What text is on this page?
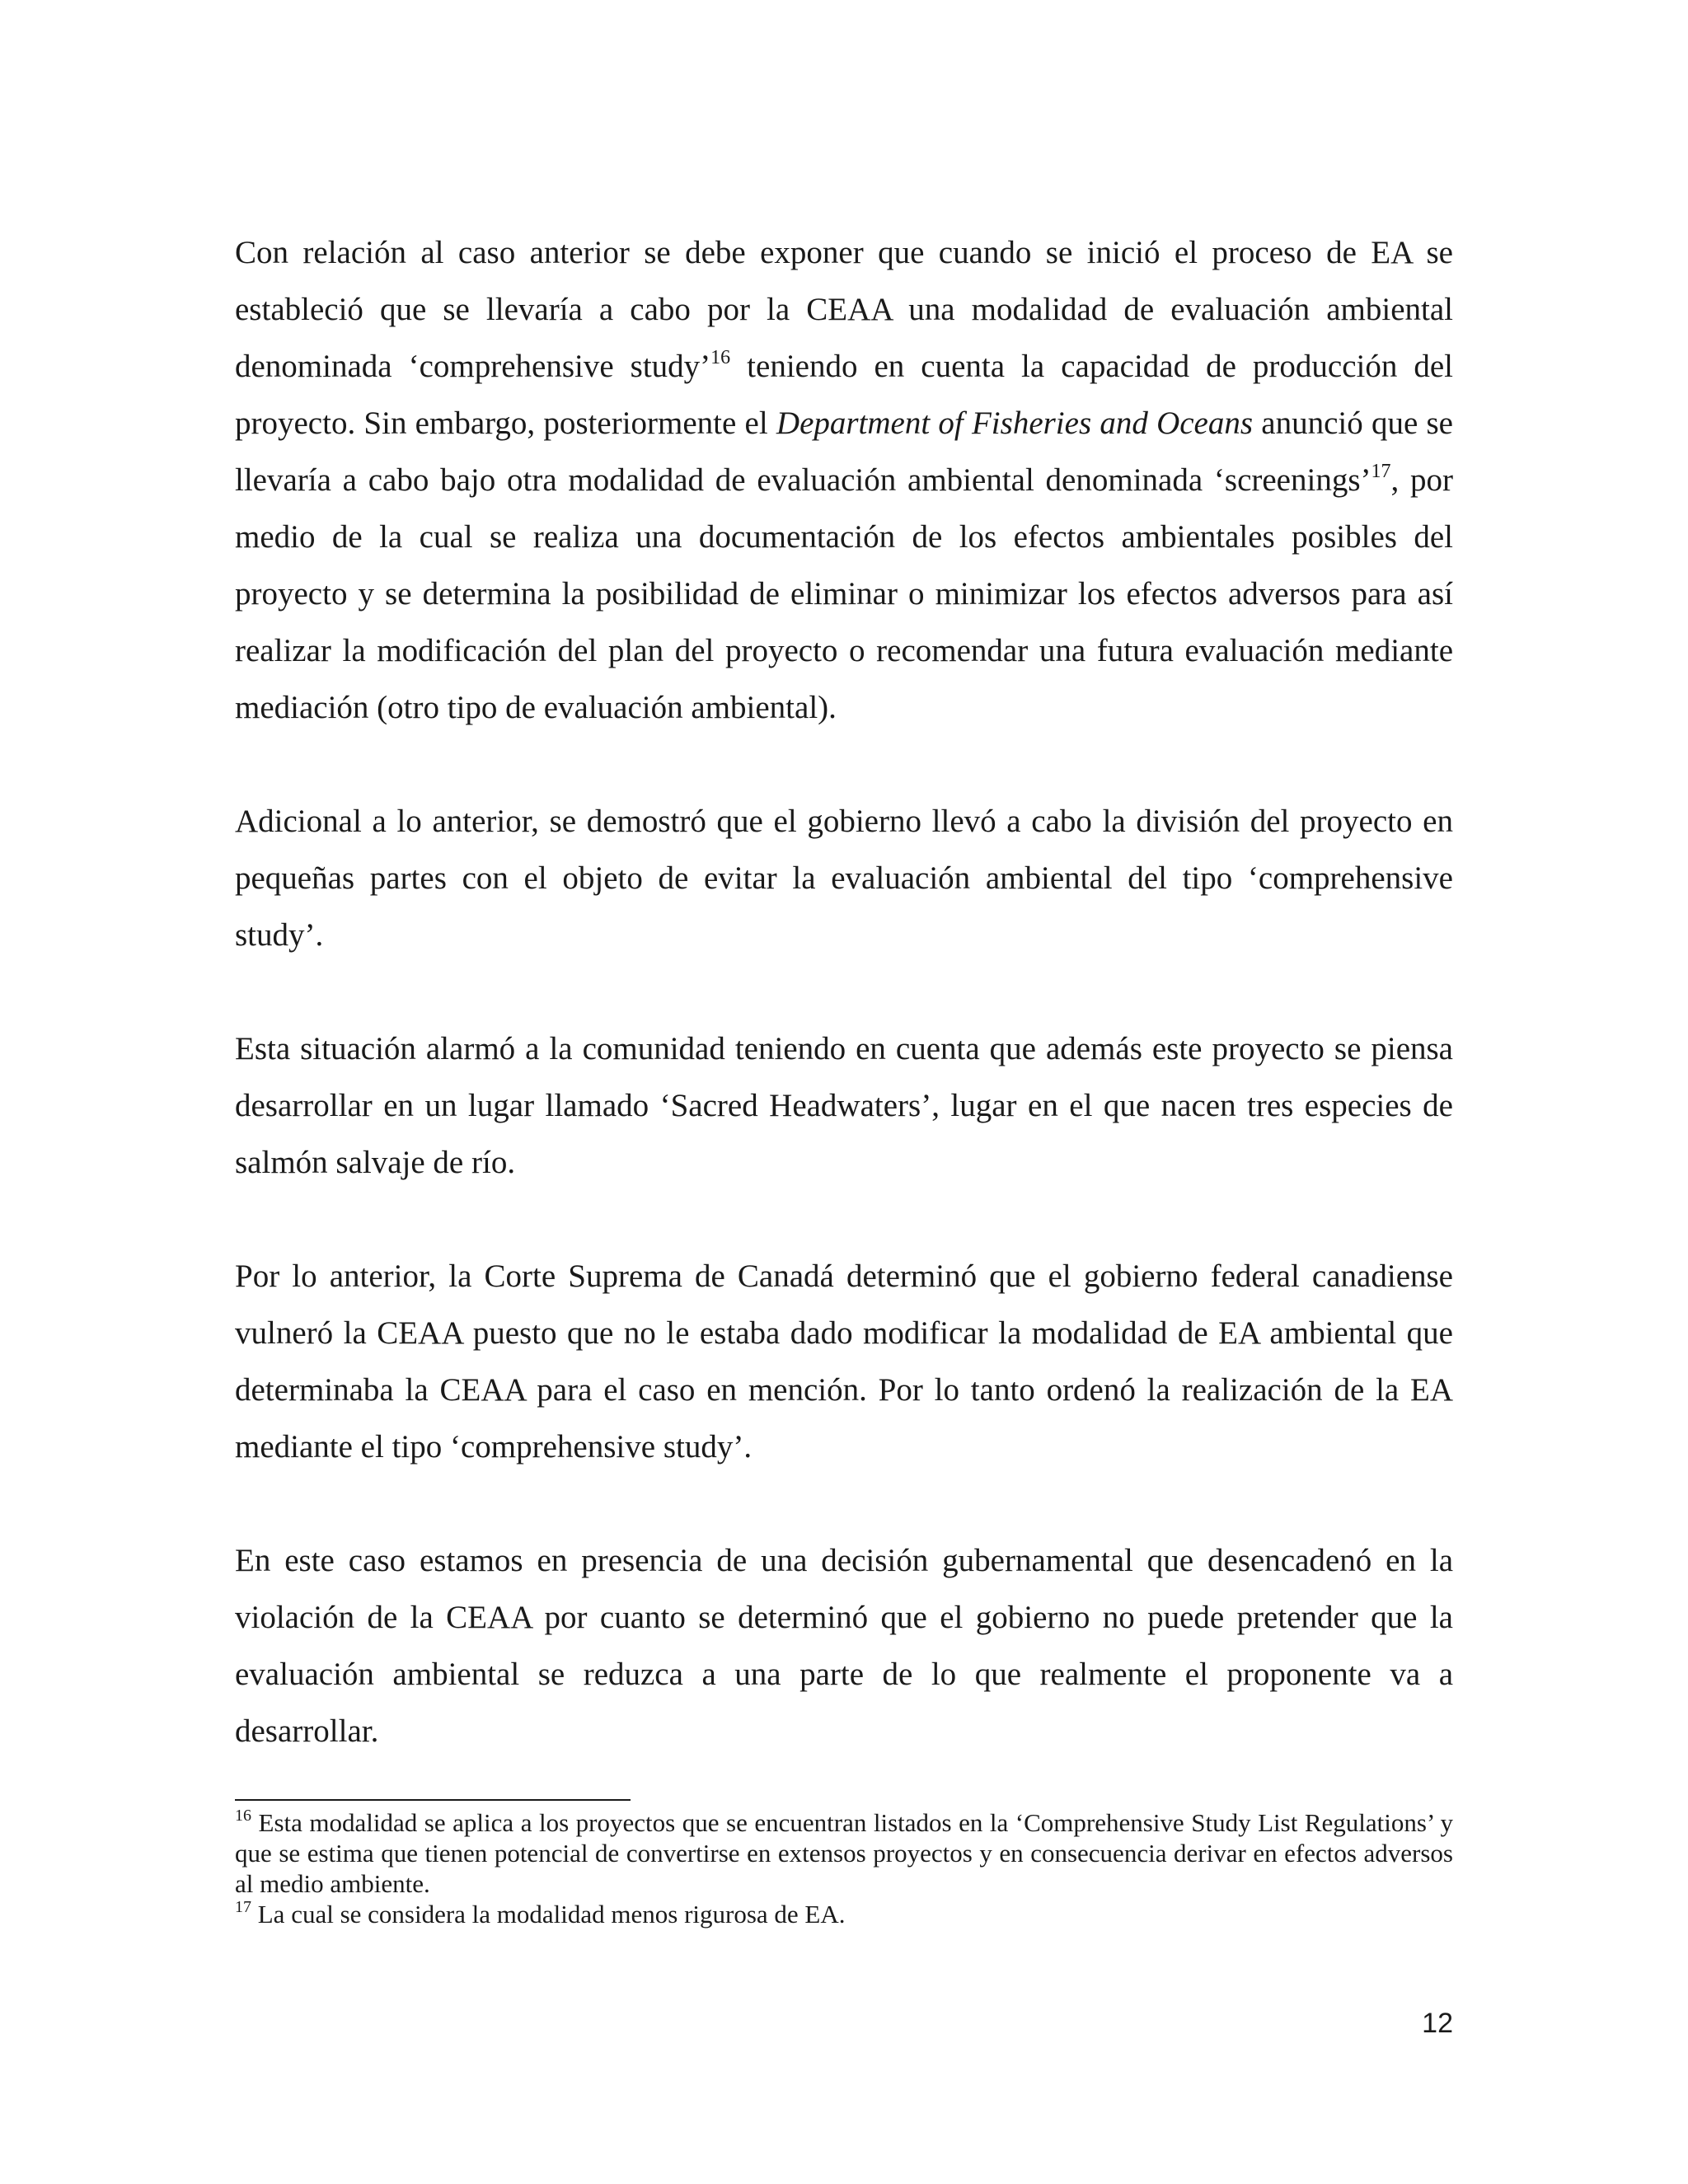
Con relación al caso anterior se debe exponer que cuando se inició el proceso de EA se estableció que se llevaría a cabo por la CEAA una modalidad de evaluación ambiental denominada ‘comprehensive study’$^{16}$ teniendo en cuenta la capacidad de producción del proyecto. Sin embargo, posteriormente el Department of Fisheries and Oceans anunció que se llevaría a cabo bajo otra modalidad de evaluación ambiental denominada ‘screenings’$^{17}$, por medio de la cual se realiza una documentación de los efectos ambientales posibles del proyecto y se determina la posibilidad de eliminar o minimizar los efectos adversos para así realizar la modificación del plan del proyecto o recomendar una futura evaluación mediante mediación (otro tipo de evaluación ambiental).

Adicional a lo anterior, se demostró que el gobierno llevó a cabo la división del proyecto en pequeñas partes con el objeto de evitar la evaluación ambiental del tipo ‘comprehensive study’.

Esta situación alarmó a la comunidad teniendo en cuenta que además este proyecto se piensa desarrollar en un lugar llamado ‘Sacred Headwaters’, lugar en el que nacen tres especies de salmón salvaje de río.

Por lo anterior, la Corte Suprema de Canadá determinó que el gobierno federal canadiense vulneró la CEAA puesto que no le estaba dado modificar la modalidad de EA ambiental que determinaba la CEAA para el caso en mención. Por lo tanto ordenó la realización de la EA mediante el tipo ‘comprehensive study’.

En este caso estamos en presencia de una decisión gubernamental que desencadenó en la violación de la CEAA por cuanto se determinó que el gobierno no puede pretender que la evaluación ambiental se reduzca a una parte de lo que realmente el proponente va a desarrollar.

$^{16}$ Esta modalidad se aplica a los proyectos que se encuentran listados en la ‘Comprehensive Study List Regulations’ y que se estima que tienen potencial de convertirse en extensos proyectos y en consecuencia derivar en efectos adversos al medio ambiente.

$^{17}$ La cual se considera la modalidad menos rigurosa de EA.

12
